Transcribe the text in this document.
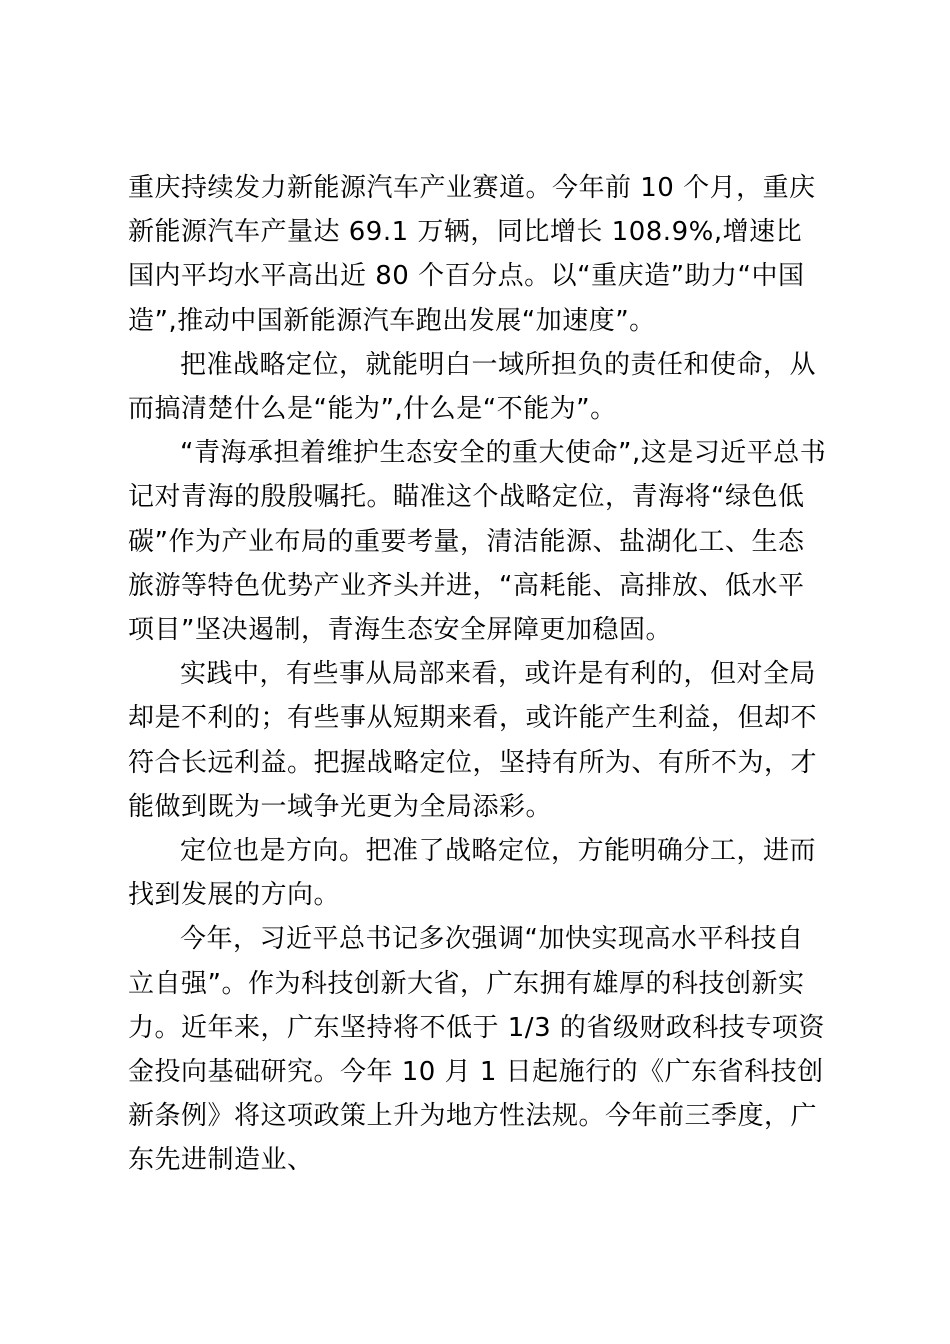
重庆持续发力新能源汽车产业赛道。今年前 10 个月，重庆新能源汽车产量达 69.1 万辆，同比增长 108.9%,增速比国内平均水平高出近 80 个百分点。以“重庆造”助力“中国造”,推动中国新能源汽车跑出发展“加速度”。

把准战略定位，就能明白一域所担负的责任和使命，从而搞清楚什么是“能为”,什么是“不能为”。

“青海承担着维护生态安全的重大使命”,这是习近平总书记对青海的殷殷嘱托。瞄准这个战略定位，青海将“绿色低碳”作为产业布局的重要考量，清洁能源、盐湖化工、生态旅游等特色优势产业齐头并进，“高耗能、高排放、低水平项目”坚决遏制，青海生态安全屏障更加稳固。

实践中，有些事从局部来看，或许是有利的，但对全局却是不利的；有些事从短期来看，或许能产生利益，但却不符合长远利益。把握战略定位，坚持有所为、有所不为，才能做到既为一域争光更为全局添彩。

定位也是方向。把准了战略定位，方能明确分工，进而找到发展的方向。

今年，习近平总书记多次强调“加快实现高水平科技自立自强”。作为科技创新大省，广东拥有雄厚的科技创新实力。近年来，广东坚持将不低于 1/3 的省级财政科技专项资金投向基础研究。今年 10 月 1 日起施行的《广东省科技创新条例》将这项政策上升为地方性法规。今年前三季度，广东先进制造业、
